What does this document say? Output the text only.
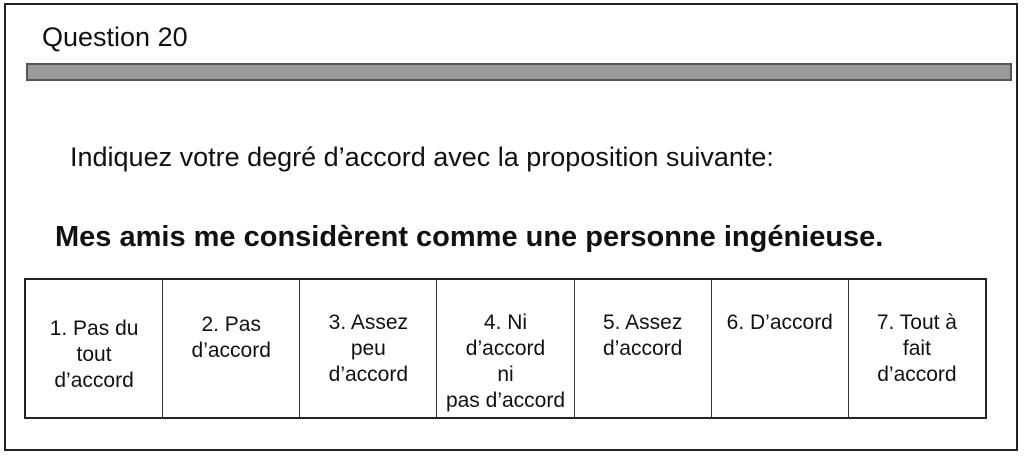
Question 20

Indiquez votre degré d’accord avec la proposition suivante:

Mes amis me considèrent comme une personne ingénieuse.

1. Pas du
tout
d’accord
2. Pas
d’accord
3. Assez
peu
d’accord
4. Ni
d’accord
ni
pas d’accord
5. Assez
d’accord
6. D’accord	7. Tout à
fait
d’accord
